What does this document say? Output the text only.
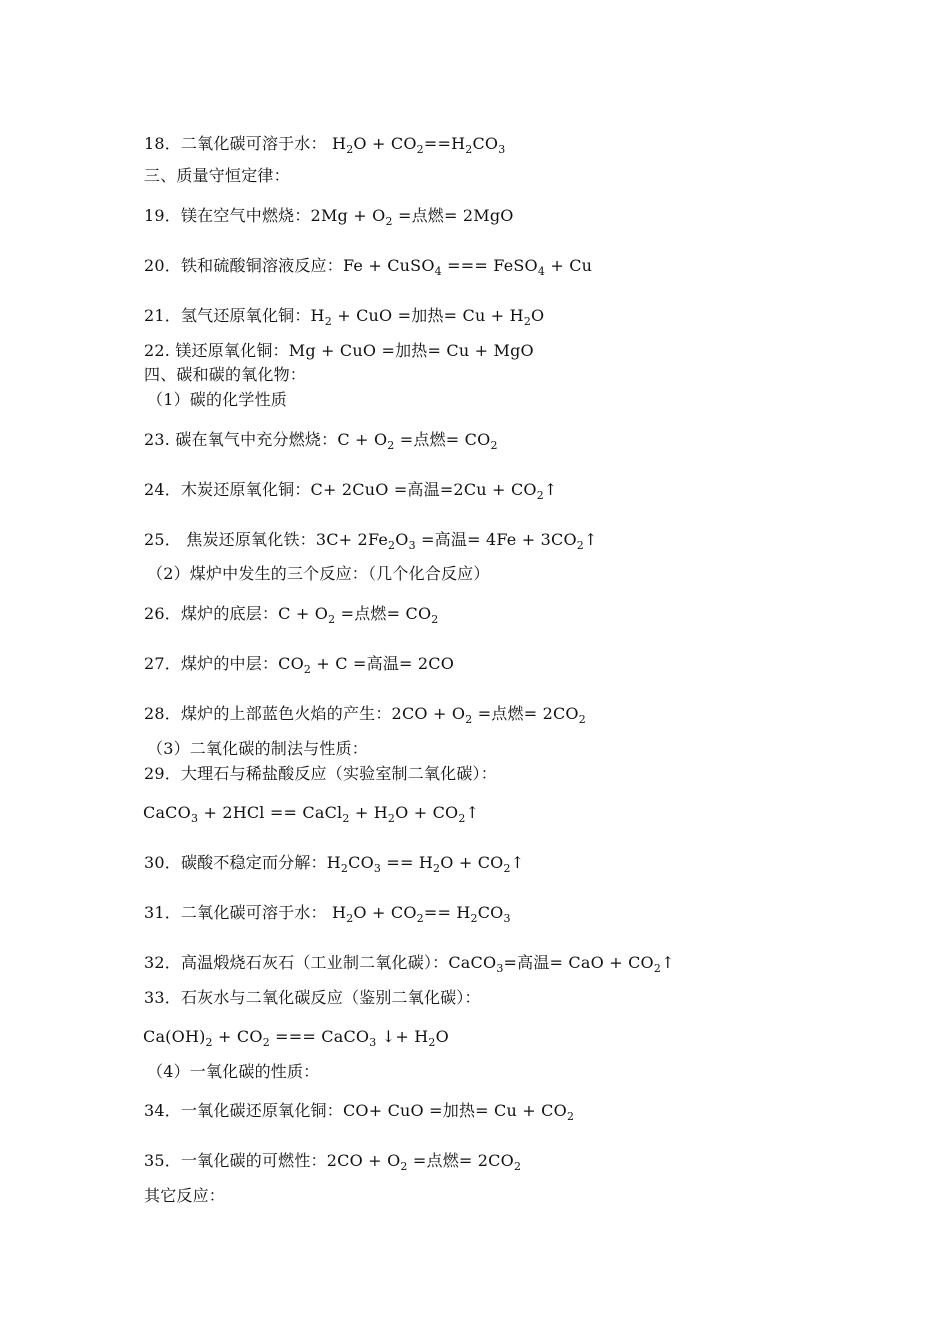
18．二氧化碳可溶于水： $H_2O + CO_2==H_2CO_3$
三、质量守恒定律：
19．镁在空气中燃烧：$2Mg + O_2$ =点燃= 2MgO
20．铁和硫酸铜溶液反应：Fe + CuSO$_4$ === FeSO$_4$ + Cu
21．氢气还原氧化铜：$H_2$ + CuO =加热= $Cu + H_2O$
22. 镁还原氧化铜：Mg + CuO =加热= Cu + MgO
四、碳和碳的氧化物：
（1）碳的化学性质
23. 碳在氧气中充分燃烧：$C + O_2$ =点燃= $CO_2$
24．木炭还原氧化铜：C+ 2CuO =高温$=2Cu + CO_2↑$
25． 焦炭还原氧化铁：$3C+ 2Fe_2O_3$ =高温= $4Fe + 3CO_2↑$
（2）煤炉中发生的三个反应：（几个化合反应）
26．煤炉的底层：$C + O_2$ =点燃= $CO_2$
27．煤炉的中层：$CO_2 + C$ =高温= 2CO
28．煤炉的上部蓝色火焰的产生：$2CO + O_2$ =点燃= $2CO_2$
（3）二氧化碳的制法与性质：
29．大理石与稀盐酸反应（实验室制二氧化碳）：
CaCO$_3$ + 2HCl == CaCl$_2$ + $H_2O$ + $CO_2↑$
30．碳酸不稳定而分解：$H_2CO_3 == H_2O$ + $CO_2↑$
31．二氧化碳可溶于水： $H_2O + CO_2== H_2CO_3$
32．高温煅烧石灰石（工业制二氧化碳）：CaCO$_3$=高温= CaO + $CO_2↑$
33．石灰水与二氧化碳反应（鉴别二氧化碳）：
$Ca(OH)_2 + CO_2$ === CaCO$_3$ ↓+ $H_2O$
（4）一氧化碳的性质：
34．一氧化碳还原氧化铜：CO+ CuO =加热= $Cu + CO_2$
35．一氧化碳的可燃性：$2CO + O_2$ =点燃= $2CO_2$
其它反应：
